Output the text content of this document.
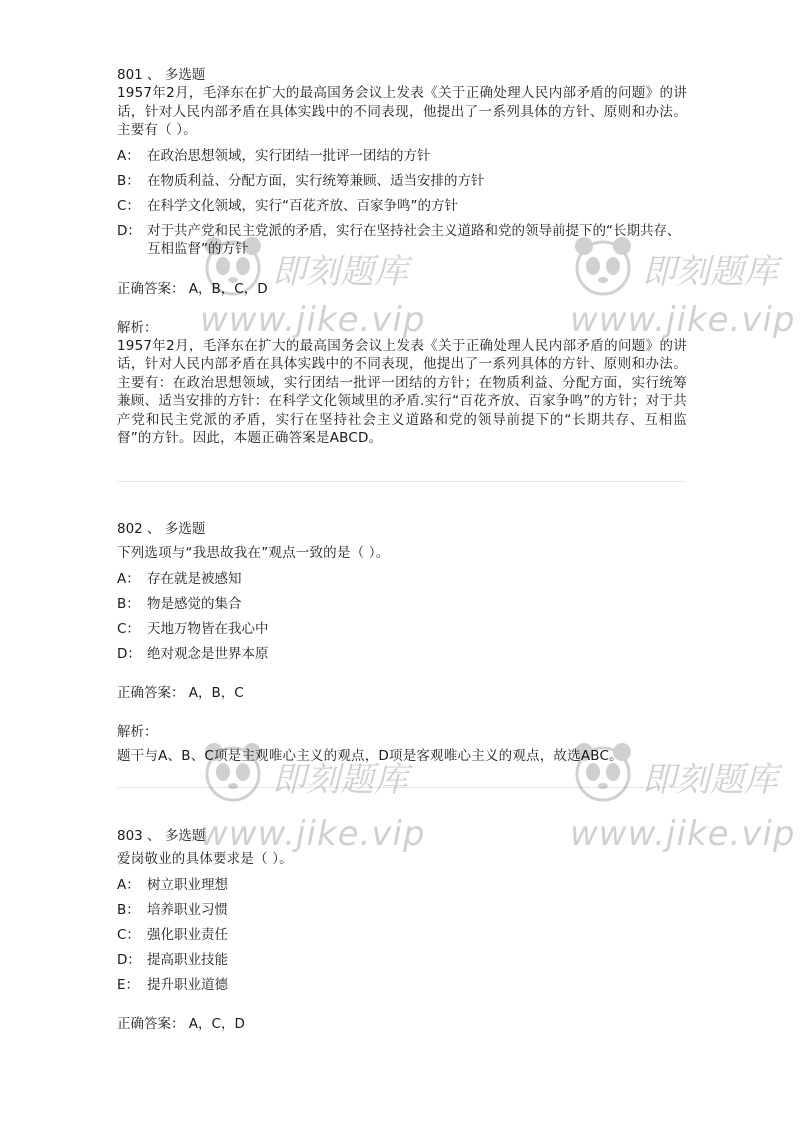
801 、 多选题

1957年2月，毛泽东在扩大的最高国务会议上发表《关于正确处理人民内部矛盾的问题》的讲话，针对人民内部矛盾在具体实践中的不同表现，他提出了一系列具体的方针、原则和办法。主要有（ ）。

A： 在政治思想领域，实行团结一批评一团结的方针
B： 在物质利益、分配方面，实行统筹兼顾、适当安排的方针
C： 在科学文化领域，实行“百花齐放、百家争鸣”的方针
D： 对于共产党和民主党派的矛盾，实行在坚持社会主义道路和党的领导前提下的“长期共存、互相监督”的方针
正确答案： A，B，C，D
解析：
1957年2月，毛泽东在扩大的最高国务会议上发表《关于正确处理人民内部矛盾的问题》的讲话，针对人民内部矛盾在具体实践中的不同表现，他提出了一系列具体的方针、原则和办法。主要有：在政治思想领域，实行团结一批评一团结的方针；在物质利益、分配方面，实行统筹兼顾、适当安排的方针：在科学文化领域里的矛盾.实行“百花齐放、百家争鸣”的方针；对于共产党和民主党派的矛盾，实行在坚持社会主义道路和党的领导前提下的“长期共存、互相监督”的方针。因此，本题正确答案是ABCD。
802 、 多选题

下列选项与“我思故我在”观点一致的是（ ）。

A： 存在就是被感知
B： 物是感觉的集合
C： 天地万物皆在我心中
D： 绝对观念是世界本原
正确答案： A，B，C
解析：
题干与A、B、C项是主观唯心主义的观点，D项是客观唯心主义的观点，故选ABC。
803 、 多选题

爱岗敬业的具体要求是（ ）。

A： 树立职业理想
B： 培养职业习惯
C： 强化职业责任
D： 提高职业技能
E： 提升职业道德
正确答案： A，C，D
即刻题库
www.jike.vip
即刻题库
www.jike.vip
即刻题库
www.jike.vip
即刻题库
www.jike.vip
